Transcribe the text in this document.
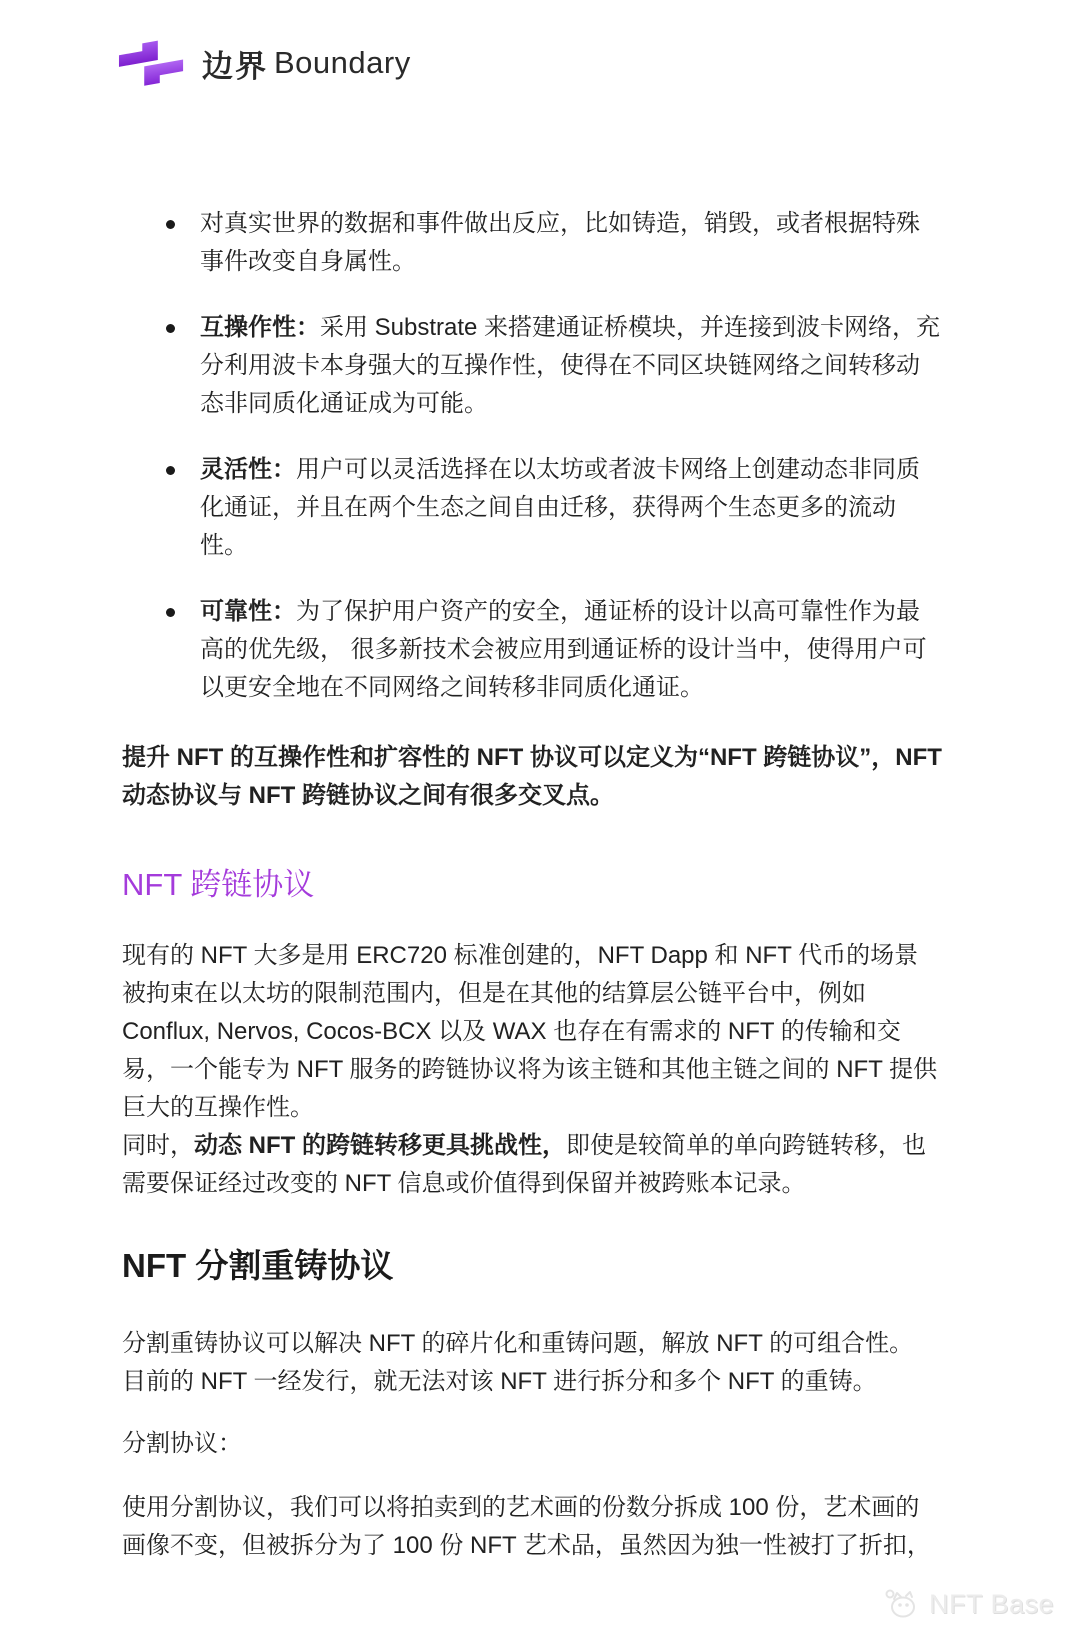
边界 Boundary
对真实世界的数据和事件做出反应，比如铸造，销毁，或者根据特殊事件改变自身属性。
互操作性：采用 Substrate 来搭建通证桥模块，并连接到波卡网络，充分利用波卡本身强大的互操作性，使得在不同区块链网络之间转移动态非同质化通证成为可能。
灵活性：用户可以灵活选择在以太坊或者波卡网络上创建动态非同质化通证，并且在两个生态之间自由迁移，获得两个生态更多的流动性。
可靠性：为了保护用户资产的安全，通证桥的设计以高可靠性作为最高的优先级， 很多新技术会被应用到通证桥的设计当中，使得用户可以更安全地在不同网络之间转移非同质化通证。

提升 NFT 的互操作性和扩容性的 NFT 协议可以定义为“NFT 跨链协议”，NFT 动态协议与 NFT 跨链协议之间有很多交叉点。

NFT 跨链协议

现有的 NFT 大多是用 ERC720 标准创建的，NFT Dapp 和 NFT 代币的场景被拘束在以太坊的限制范围内，但是在其他的结算层公链平台中，例如 Conflux, Nervos, Cocos-BCX 以及 WAX 也存在有需求的 NFT 的传输和交易，一个能专为 NFT 服务的跨链协议将为该主链和其他主链之间的 NFT 提供巨大的互操作性。
同时，动态 NFT 的跨链转移更具挑战性，即使是较简单的单向跨链转移，也需要保证经过改变的 NFT 信息或价值得到保留并被跨账本记录。

NFT 分割重铸协议

分割重铸协议可以解决 NFT 的碎片化和重铸问题，解放 NFT 的可组合性。
目前的 NFT 一经发行，就无法对该 NFT 进行拆分和多个 NFT 的重铸。

分割协议：

使用分割协议，我们可以将拍卖到的艺术画的份数分拆成 100 份，艺术画的画像不变，但被拆分为了 100 份 NFT 艺术品，虽然因为独一性被打了折扣，

NFT Base
